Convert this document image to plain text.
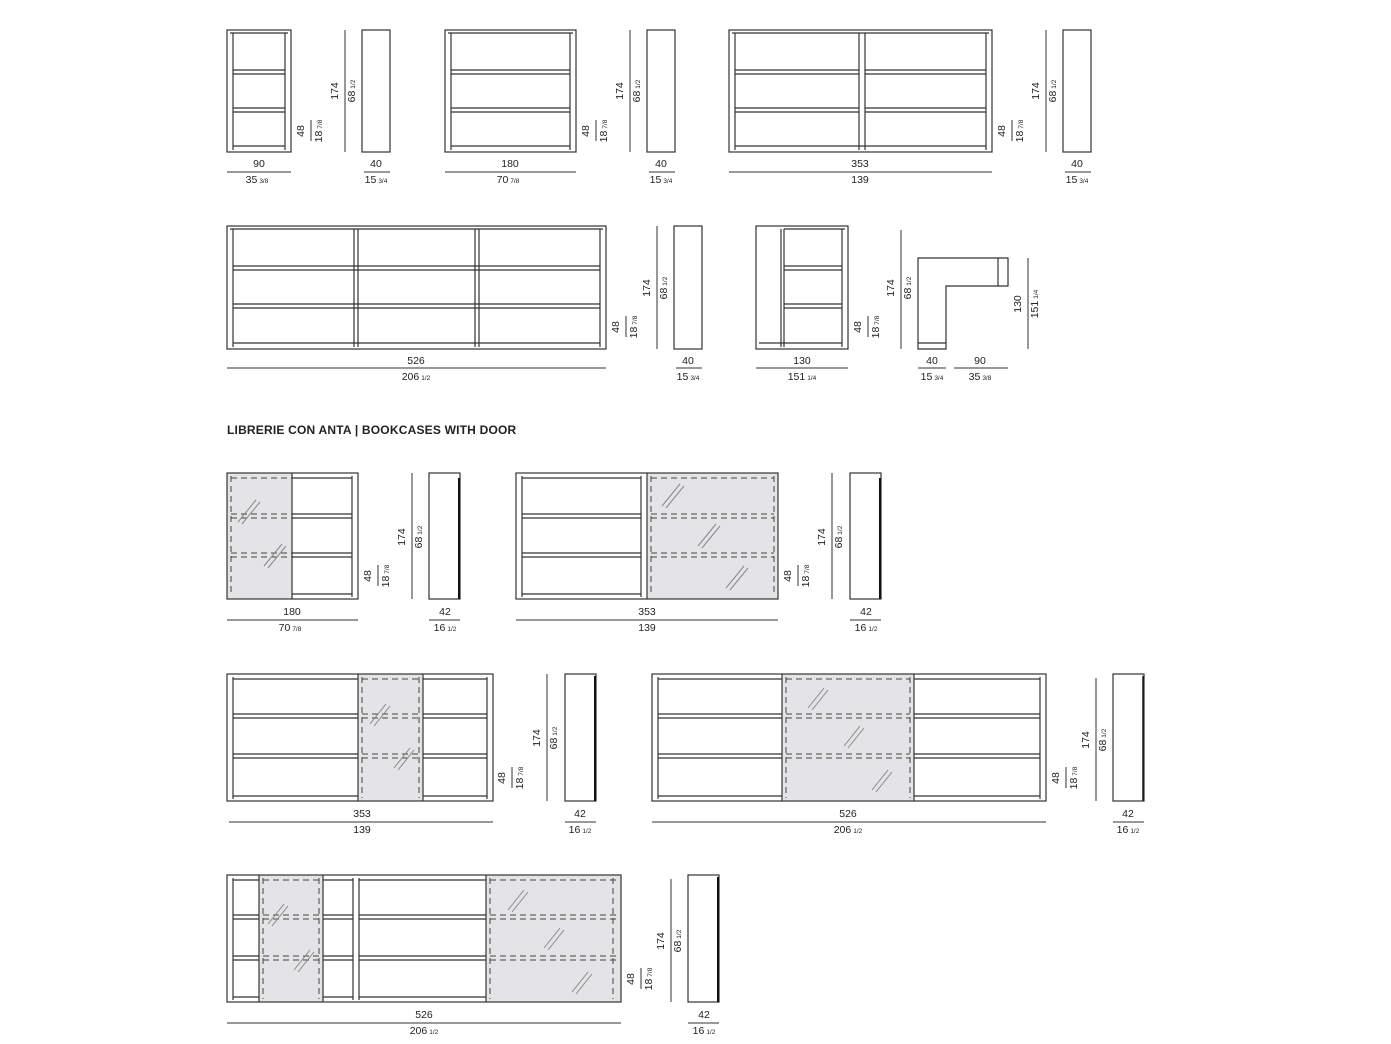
90
35 3/8
48 187/8
174 681/2
40
15 3/4
180
70 7/8
48 187/8
174 681/2
40
15 3/4
353
139
48 187/8
174 681/2
40
15 3/4
526
206 1/2
48 187/8
174 681/2
40
15 3/4
130
151 1/4
48 187/8
174 681/2
130 1511/4
40
15 3/4
90
35 3/8
LIBRERIE CON ANTA | BOOKCASES WITH DOOR
180
70 7/8
48 187/8
174 681/2
42
16 1/2
353
139
48 187/8
174 681/2
42
16 1/2
353
139
48 187/8
174 681/2
42
16 1/2
526
206 1/2
48 187/8
174 681/2
42
16 1/2
526
206 1/2
48 187/8
174 681/2
42
16 1/2
